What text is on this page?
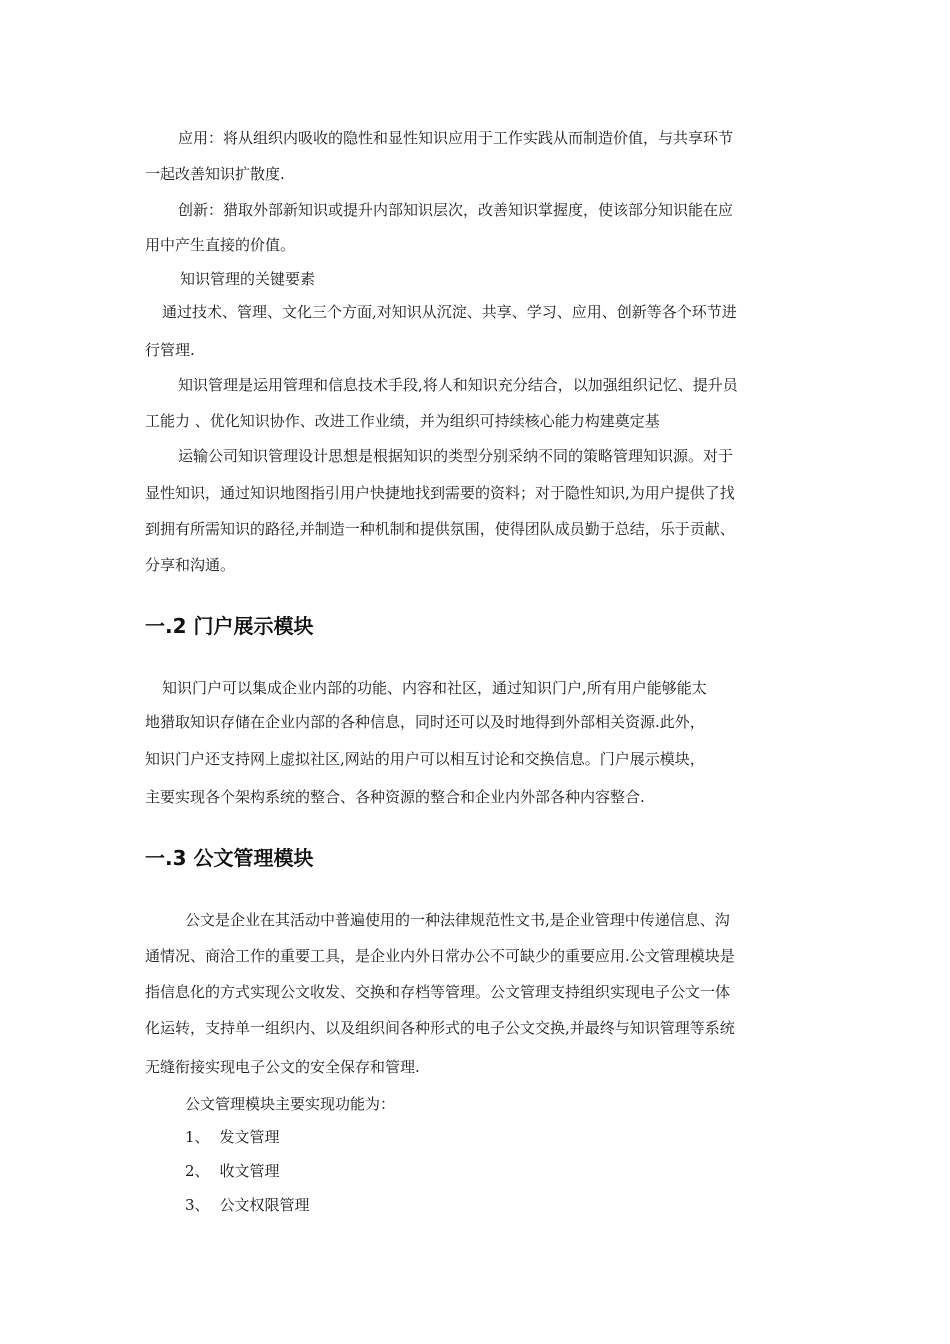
应用：将从组织内吸收的隐性和显性知识应用于工作实践从而制造价值，与共享环节
一起改善知识扩散度.
创新：猎取外部新知识或提升内部知识层次，改善知识掌握度，使该部分知识能在应
用中产生直接的价值。
知识管理的关键要素
通过技术、管理、文化三个方面,对知识从沉淀、共享、学习、应用、创新等各个环节进
行管理.
知识管理是运用管理和信息技术手段,将人和知识充分结合，以加强组织记忆、提升员
工能力 、优化知识协作、改进工作业绩，并为组织可持续核心能力构建奠定基
运输公司知识管理设计思想是根据知识的类型分别采纳不同的策略管理知识源。对于
显性知识，通过知识地图指引用户快捷地找到需要的资料；对于隐性知识,为用户提供了找
到拥有所需知识的路径,并制造一种机制和提供氛围，使得团队成员勤于总结，乐于贡献、
分享和沟通。
一.2 门户展示模块
知识门户可以集成企业内部的功能、内容和社区，通过知识门户,所有用户能够能太
地猎取知识存储在企业内部的各种信息，同时还可以及时地得到外部相关资源.此外，
知识门户还支持网上虚拟社区,网站的用户可以相互讨论和交换信息。门户展示模块，
主要实现各个架构系统的整合、各种资源的整合和企业内外部各种内容整合.
一.3 公文管理模块
公文是企业在其活动中普遍使用的一种法律规范性文书,是企业管理中传递信息、沟
通情况、商洽工作的重要工具，是企业内外日常办公不可缺少的重要应用.公文管理模块是
指信息化的方式实现公文收发、交换和存档等管理。公文管理支持组织实现电子公文一体
化运转，支持单一组织内、以及组织间各种形式的电子公文交换,并最终与知识管理等系统
无缝衔接实现电子公文的安全保存和管理.
公文管理模块主要实现功能为：
1、 发文管理
2、 收文管理
3、 公文权限管理
